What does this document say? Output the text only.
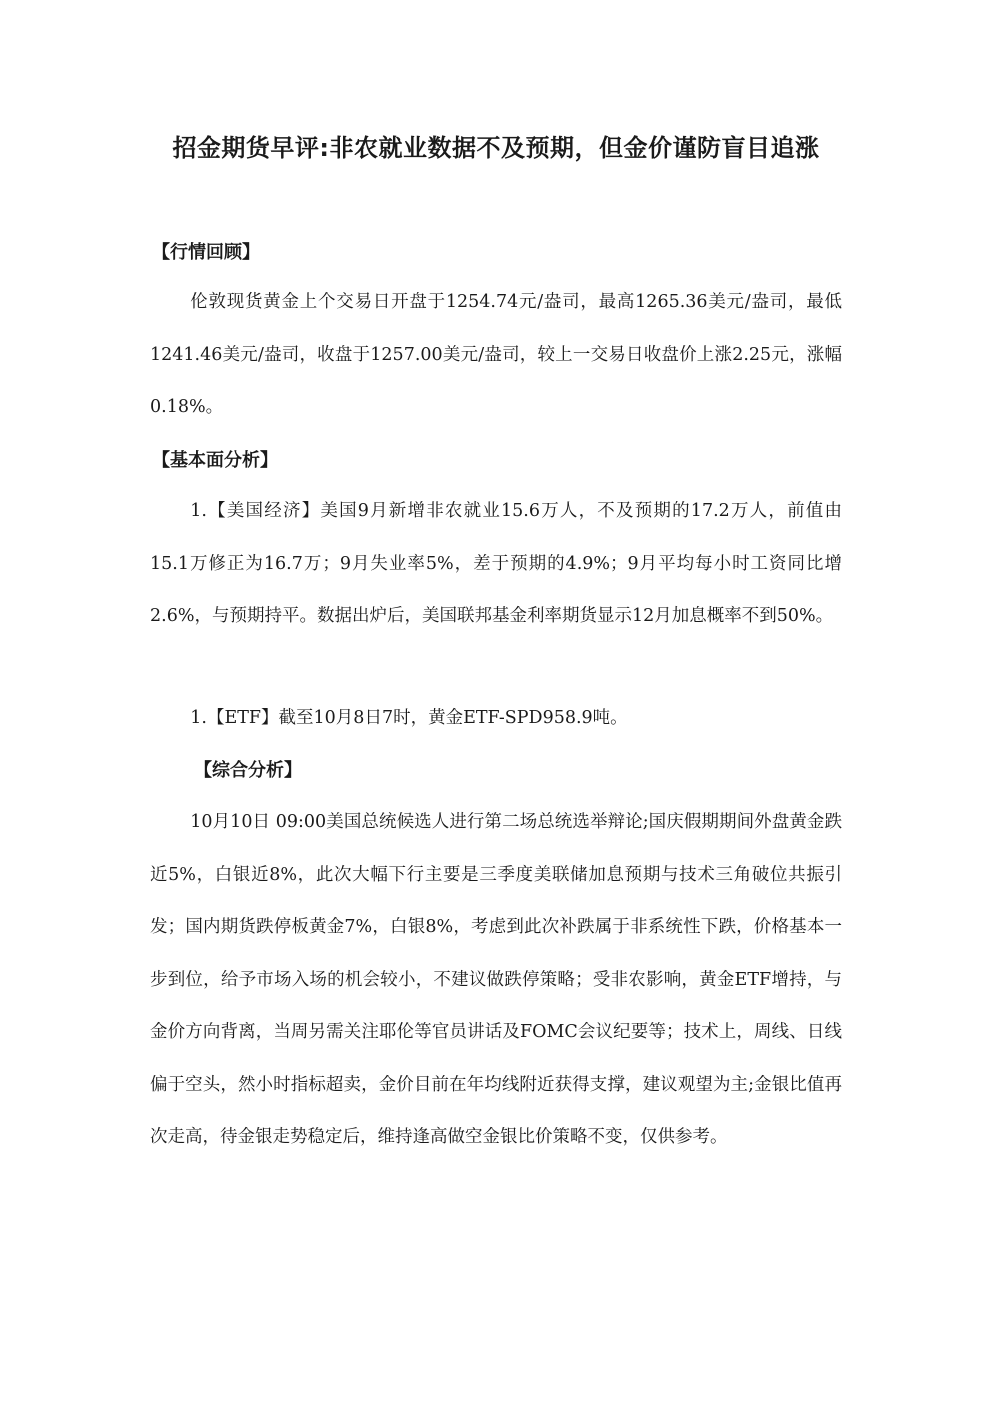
招金期货早评:非农就业数据不及预期，但金价谨防盲目追涨
【行情回顾】

伦敦现货黄金上个交易日开盘于1254.74元/盎司，最高1265.36美元/盎司，最低1241.46美元/盎司，收盘于1257.00美元/盎司，较上一交易日收盘价上涨2.25元，涨幅0.18%。

【基本面分析】

1.【美国经济】美国9月新增非农就业15.6万人，不及预期的17.2万人，前值由15.1万修正为16.7万；9月失业率5%，差于预期的4.9%；9月平均每小时工资同比增2.6%，与预期持平。数据出炉后，美国联邦基金利率期货显示12月加息概率不到50%。

1.【ETF】截至10月8日7时，黄金ETF-SPD958.9吨。

【综合分析】

10月10日 09:00美国总统候选人进行第二场总统选举辩论;国庆假期期间外盘黄金跌近5%，白银近8%，此次大幅下行主要是三季度美联储加息预期与技术三角破位共振引发；国内期货跌停板黄金7%，白银8%，考虑到此次补跌属于非系统性下跌，价格基本一步到位，给予市场入场的机会较小，不建议做跌停策略；受非农影响，黄金ETF增持，与金价方向背离，当周另需关注耶伦等官员讲话及FOMC会议纪要等；技术上，周线、日线偏于空头，然小时指标超卖，金价目前在年均线附近获得支撑，建议观望为主;金银比值再次走高，待金银走势稳定后，维持逢高做空金银比价策略不变，仅供参考。
